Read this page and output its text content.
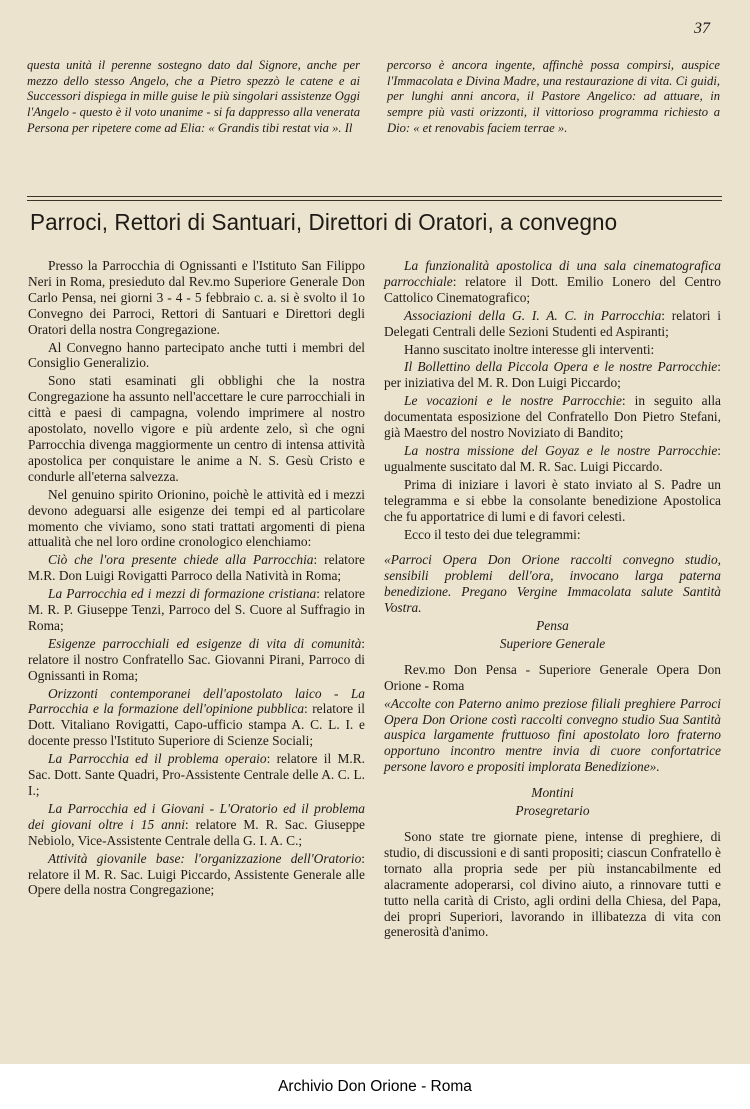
37

questa unità il perenne sostegno dato dal Signore, anche per mezzo dello stesso Angelo, che a Pietro spezzò le catene e ai Successori dispiega in mille guise le più singolari assistenze Oggi l'Angelo - questo è il voto unanime - si fa dappresso alla venerata Persona per ripetere come ad Elia: « Grandis tibi restat via ». Il

percorso è ancora ingente, affinchè possa compirsi, auspice l'Immacolata e Divina Madre, una restaurazione di vita. Ci guidi, per lunghi anni ancora, il Pastore Angelico: ad attuare, in sempre più vasti orizzonti, il vittorioso programma richiesto a Dio: « et renovabis faciem terrae ».

Parroci, Rettori di Santuari, Direttori di Oratori, a convegno

Presso la Parrocchia di Ognissanti e l'Istituto San Filippo Neri in Roma, presieduto dal Rev.mo Superiore Generale Don Carlo Pensa, nei giorni 3 - 4 - 5 febbraio c. a. si è svolto il 1o Convegno dei Parroci, Rettori di Santuari e Direttori degli Oratori della nostra Congregazione.

Al Convegno hanno partecipato anche tutti i membri del Consiglio Generalizio.

Sono stati esaminati gli obblighi che la nostra Congregazione ha assunto nell'accettare le cure parrocchiali in città e paesi di campagna, volendo imprimere al nostro apostolato, novello vigore e più ardente zelo, sì che ogni Parrocchia divenga maggiormente un centro di intensa attività apostolica per conquistare le anime a N. S. Gesù Cristo e condurle all'eterna salvezza.

Nel genuino spirito Orionino, poichè le attività ed i mezzi devono adeguarsi alle esigenze dei tempi ed al particolare momento che viviamo, sono stati trattati argomenti di piena attualità che nel loro ordine cronologico elenchiamo:

Ciò che l'ora presente chiede alla Parrocchia: relatore M.R. Don Luigi Rovigatti Parroco della Natività in Roma;

La Parrocchia ed i mezzi di formazione cristiana: relatore M. R. P. Giuseppe Tenzi, Parroco del S. Cuore al Suffragio in Roma;

Esigenze parrocchiali ed esigenze di vita di comunità: relatore il nostro Confratello Sac. Giovanni Pirani, Parroco di Ognissanti in Roma;

Orizzonti contemporanei dell'apostolato laico - La Parrocchia e la formazione dell'opinione pubblica: relatore il Dott. Vitaliano Rovigatti, Capo-ufficio stampa A. C. L. I. e docente presso l'Istituto Superiore di Scienze Sociali;

La Parrocchia ed il problema operaio: relatore il M.R. Sac. Dott. Sante Quadri, Pro-Assistente Centrale delle A. C. L. I.;

La Parrocchia ed i Giovani - L'Oratorio ed il problema dei giovani oltre i 15 anni: relatore M. R. Sac. Giuseppe Nebiolo, Vice-Assistente Centrale della G. I. A. C.;

Attività giovanile base: l'organizzazione dell'Oratorio: relatore il M. R. Sac. Luigi Piccardo, Assistente Generale alle Opere della nostra Congregazione;

La funzionalità apostolica di una sala cinematografica parrocchiale: relatore il Dott. Emilio Lonero del Centro Cattolico Cinematografico;

Associazioni della G. I. A. C. in Parrocchia: relatori i Delegati Centrali delle Sezioni Studenti ed Aspiranti;

Hanno suscitato inoltre interesse gli interventi:

Il Bollettino della Piccola Opera e le nostre Parrocchie: per iniziativa del M. R. Don Luigi Piccardo;

Le vocazioni e le nostre Parrocchie: in seguito alla documentata esposizione del Confratello Don Pietro Stefani, già Maestro del nostro Noviziato di Bandito;

La nostra missione del Goyaz e le nostre Parrocchie: ugualmente suscitato dal M. R. Sac. Luigi Piccardo.

Prima di iniziare i lavori è stato inviato al S. Padre un telegramma e si ebbe la consolante benedizione Apostolica che fu apportatrice di lumi e di favori celesti.

Ecco il testo dei due telegrammi:

«Parroci Opera Don Orione raccolti convegno studio, sensibili problemi dell'ora, invocano larga paterna benedizione. Pregano Vergine Immacolata salute Santità Vostra.

Pensa

Superiore Generale

Rev.mo Don Pensa - Superiore Generale Opera Don Orione - Roma

«Accolte con Paterno animo preziose filiali preghiere Parroci Opera Don Orione costì raccolti convegno studio Sua Santità auspica largamente fruttuoso fini apostolato loro fraterno opportuno incontro mentre invia di cuore confortatrice persone lavoro e propositi implorata Benedizione».

Montini

Prosegretario

Sono state tre giornate piene, intense di preghiere, di studio, di discussioni e di santi propositi; ciascun Confratello è tornato alla propria sede per più instancabilmente ed alacramente adoperarsi, col divino aiuto, a rinnovare tutti e tutto nella carità di Cristo, agli ordini della Chiesa, del Papa, dei propri Superiori, lavorando in illibatezza di vita con generosità d'animo.

Archivio Don Orione - Roma
